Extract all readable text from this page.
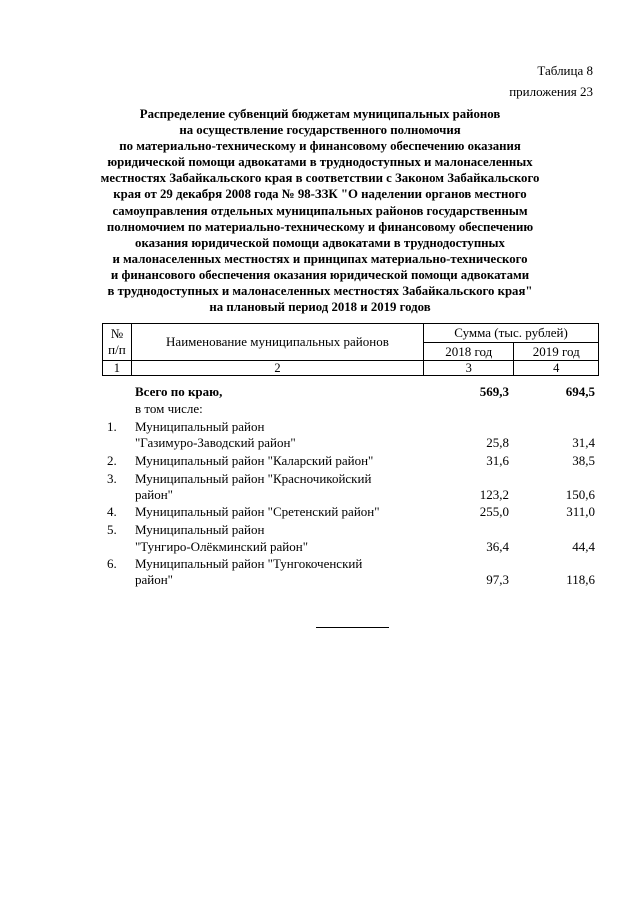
Таблица 8
приложения 23
Распределение субвенций бюджетам муниципальных районов
на осуществление государственного полномочия
по материально-техническому и финансовому обеспечению оказания
юридической помощи адвокатами в труднодоступных и малонаселенных
местностях Забайкальского края в соответствии с Законом Забайкальского
края от 29 декабря 2008 года № 98-ЗЗК "О наделении органов местного
самоуправления отдельных муниципальных районов государственным
полномочием по материально-техническому и финансовому обеспечению
оказания юридической помощи адвокатами в труднодоступных
и малонаселенных местностях и принципах материально-технического
и финансового обеспечения оказания юридической помощи адвокатами
в труднодоступных и малонаселенных местностях Забайкальского края"
на плановый период 2018 и 2019 годов
№
п/п	Наименование муниципальных районов	Сумма (тыс. рублей)	
		2018 год	2019 год
1	2	3	4
Всего по краю,	569,3	694,5
в том числе:
1. Муниципальный район
"Газимуро-Заводский район"	25,8	31,4
2. Муниципальный район "Каларский район"	31,6	38,5
3. Муниципальный район "Красночикойский
район"	123,2	150,6
4. Муниципальный район "Сретенский район"	255,0	311,0
5. Муниципальный район
"Тунгиро-Олёкминский район"	36,4	44,4
6. Муниципальный район "Тунгокоченский
район"	97,3	118,6
